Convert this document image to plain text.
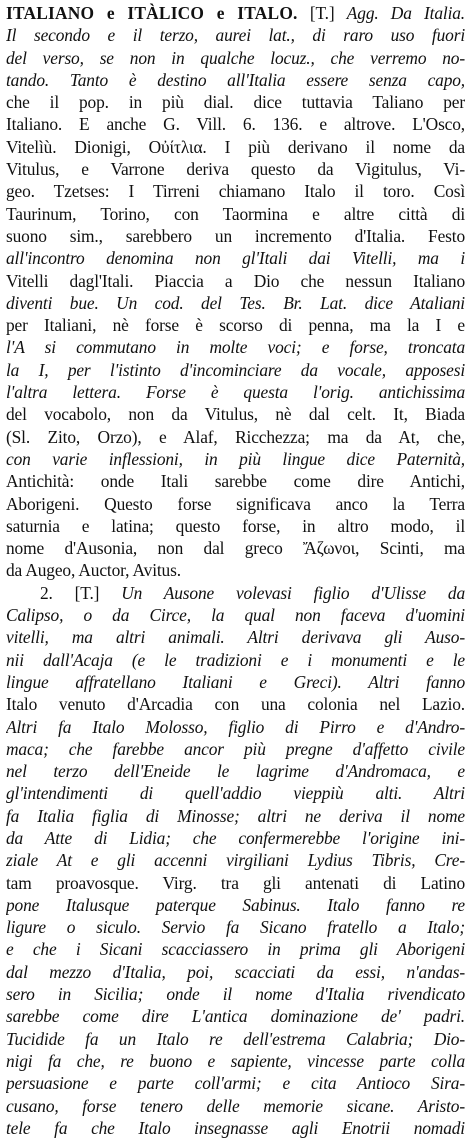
ITALIANO e ITÀLICO e ITALO. [T.] Agg. Da Italia.
Il secondo e il terzo, aurei lat., di raro uso fuori
del verso, se non in qualche locuz., che verremo no-
tando. Tanto è destino all'Italia essere senza capo,
che il pop. in più dial. dice tuttavia Taliano per
Italiano. E anche G. Vill. 6. 136. e altrove. L'Osco,
Vitelìù. Dionigi, Οὐίτλια. I più derivano il nome da
Vitulus, e Varrone deriva questo da Vigitulus, Vi-
geo. Tzetses: I Tirreni chiamano Italo il toro. Così
Taurinum, Torino, con Taormina e altre città di
suono sim., sarebbero un incremento d'Italia. Festo
all'incontro denomina non gl'Itali dai Vitelli, ma i
Vitelli dagl'Itali. Piaccia a Dio che nessun Italiano
diventi bue. Un cod. del Tes. Br. Lat. dice Ataliani
per Italiani, nè forse è scorso di penna, ma la I e
l'A si commutano in molte voci; e forse, troncata
la I, per l'istinto d'incominciare da vocale, apposesi
l'altra lettera. Forse è questa l'orig. antichissima
del vocabolo, non da Vitulus, nè dal celt. It, Biada
(Sl. Zito, Orzo), e Alaf, Ricchezza; ma da At, che,
con varie inflessioni, in più lingue dice Paternità,
Antichità: onde Itali sarebbe come dire Antichi,
Aborigeni. Questo forse significava anco la Terra
saturnia e latina; questo forse, in altro modo, il
nome d'Ausonia, non dal greco Ἄζωνοι, Scinti, ma
da Augeo, Auctor, Avitus.
2. [T.] Un Ausone volevasi figlio d'Ulisse da
Calipso, o da Circe, la qual non faceva d'uomini
vitelli, ma altri animali. Altri derivava gli Auso-
nii dall'Acaja (e le tradizioni e i monumenti e le
lingue affratellano Italiani e Greci). Altri fanno
Italo venuto d'Arcadia con una colonia nel Lazio.
Altri fa Italo Molosso, figlio di Pirro e d'Andro-
maca; che farebbe ancor più pregne d'affetto civile
nel terzo dell'Eneide le lagrime d'Andromaca, e
gl'intendimenti di quell'addio vieppiù alti. Altri
fa Italia figlia di Minosse; altri ne deriva il nome
da Atte di Lidia; che confermerebbe l'origine ini-
ziale At e gli accenni virgiliani Lydius Tibris, Cre-
tam proavosque. Virg. tra gli antenati di Latino
pone Italusque paterque Sabinus. Italo fanno re
ligure o siculo. Servio fa Sicano fratello a Italo;
e che i Sicani scacciassero in prima gli Aborigeni
dal mezzo d'Italia, poi, scacciati da essi, n'andas-
sero in Sicilia; onde il nome d'Italia rivendicato
sarebbe come dire L'antica dominazione de' padri.
Tucidide fa un Italo re dell'estrema Calabria; Dio-
nigi fa che, re buono e sapiente, vincesse parte colla
persuasione e parte coll'armi; e cita Antioco Sira-
cusano, forse tenero delle memorie sicane. Aristo-
tele fa che Italo insegnasse agli Enotrii nomadi
